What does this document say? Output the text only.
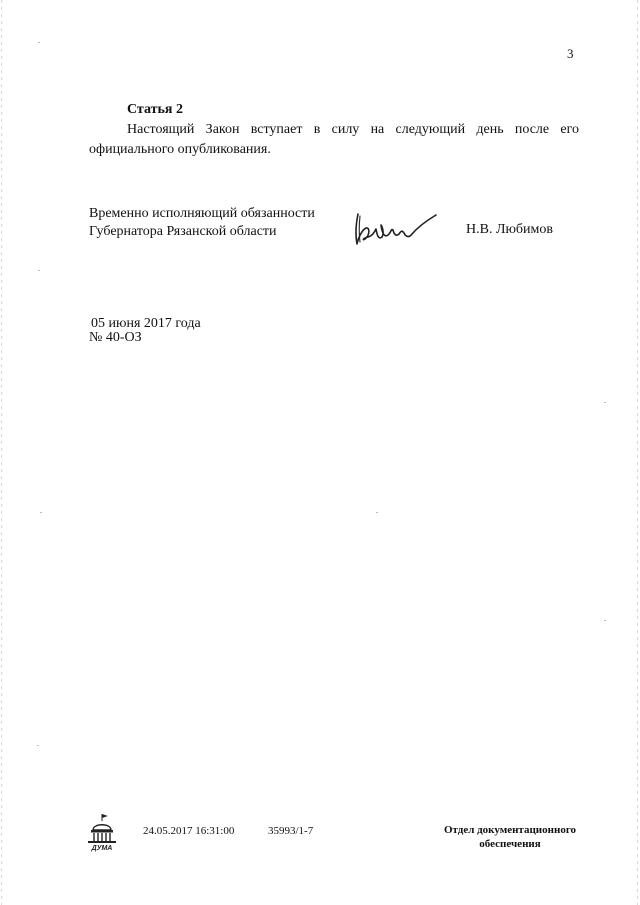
3
Статья 2

Настоящий Закон вступает в силу на следующий день после его официального опубликования.

Временно исполняющий обязанности
Губернатора Рязанской области	Н.В. Любимов
05 июня 2017 года
№ 40-ОЗ
ДУМА
24.05.2017 16:31:00	35993/1-7	Отдел документационного
обеспечения
